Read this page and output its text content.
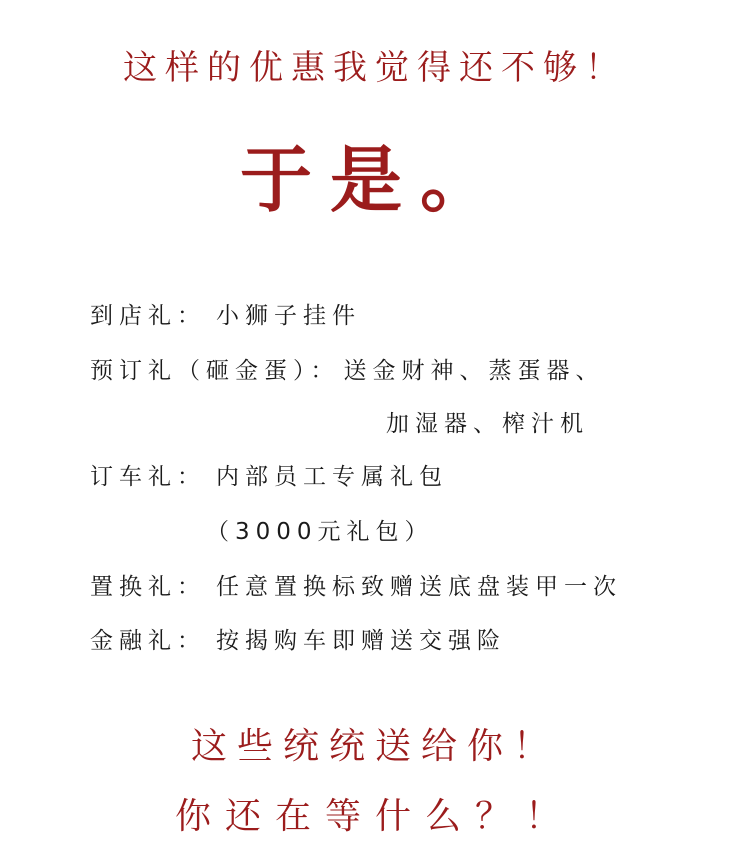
这样的优惠我觉得还不够！
于是。
到店礼： 小狮子挂件
预订礼（砸金蛋）： 送金财神、蒸蛋器、
加湿器、榨汁机
订车礼： 内部员工专属礼包
（3000元礼包）
置换礼： 任意置换标致赠送底盘装甲一次
金融礼： 按揭购车即赠送交强险
这些统统送给你！
你还在等什么？！
